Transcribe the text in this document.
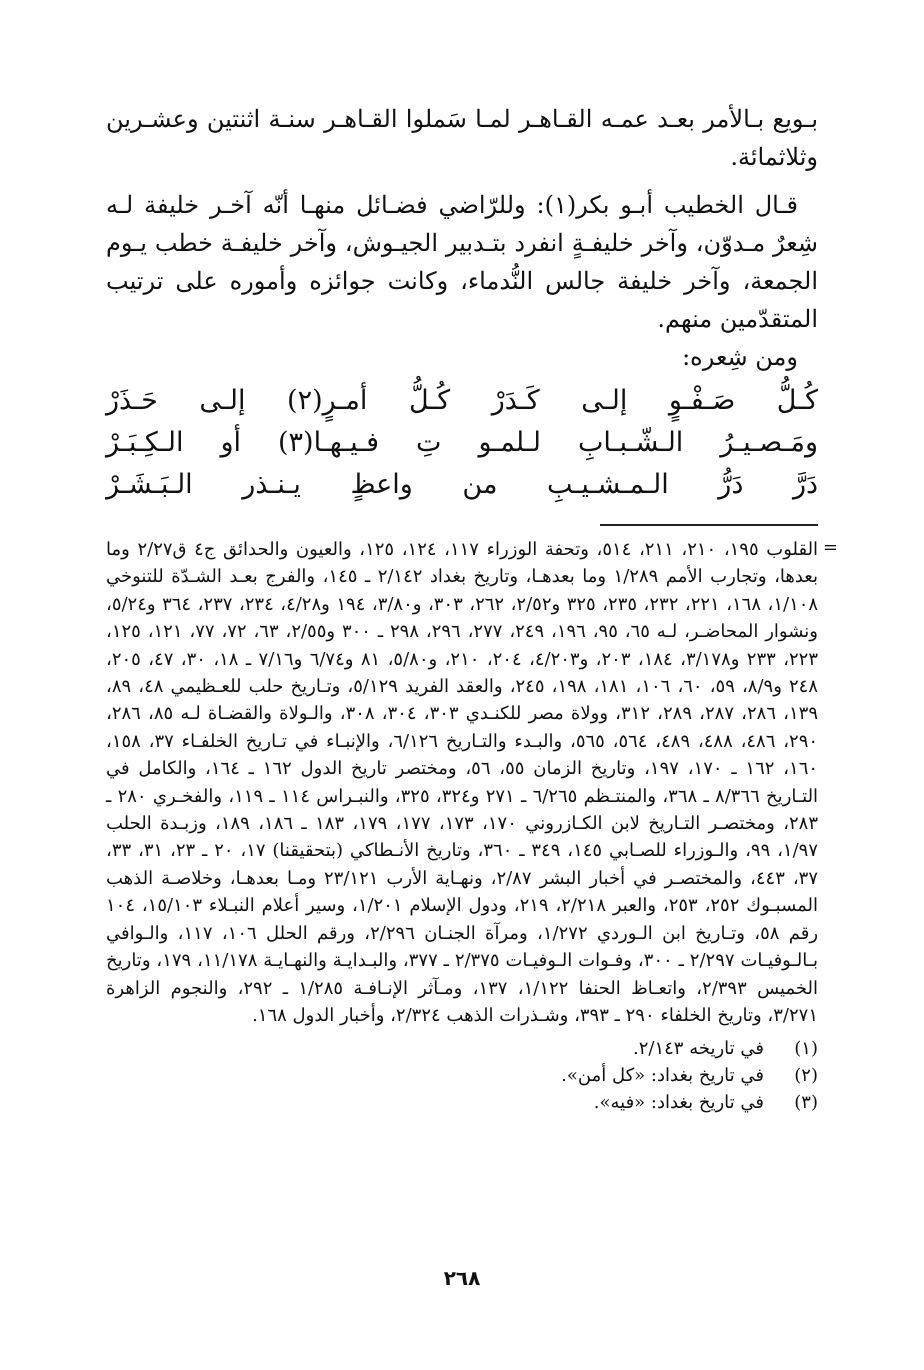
بـويع بـالأمر بعـد عمـه القـاهـر لمـا سَملوا القـاهـر سنـة اثنتين وعشـرين وثلاثمائة.

قـال الخطيب أبـو بكر(١): وللرّاضي فضـائل منهـا أنّه آخـر خليفة لـه شِعرٌ مـدوّن، وآخر خليفـةٍ انفرد بتـدبير الجيـوش، وآخر خليفـة خطب يـوم الجمعة، وآخر خليفة جالس النُّدماء، وكانت جوائزه وأموره على ترتيب المتقدّمين منهم.

ومن شِعره:

كُـلُّ
صَـفْـوٍ
إلـى
كَـدَرْ
كُـلُّ
أمـرٍ(٢)
إلـى
حَـذَرْ
ومَـصـيـرُ
الـشّـبـابِ
لـلمـو
تِ
فـيـهـا(٣)
أو
الـكِـبَـرْ
دَرَّ
دَرُّ
الـمـشـيـبِ
من
واعظٍ
يـنـذر
الـبَـشَـرْ
=
القلوب ١٩٥، ٢١٠، ٢١١، ٥١٤، وتحفة الوزراء ١١٧، ١٢٤، ١٢٥، والعيون والحدائق ج٤ ق٢/٢٧ وما بعدها، وتجارب الأمم ١/٢٨٩ وما بعدهـا، وتاريخ بغداد ٢/١٤٢ ـ ١٤٥، والفرج بعـد الشـدّة للتنوخي ١/١٠٨، ١٦٨، ٢٢١، ٢٣٢، ٢٣٥، ٣٢٥ و٢/٥٢، ٢٦٢، ٣٠٣، و٣/٨٠، ١٩٤ و٤/٢٨، ٢٣٤، ٢٣٧، ٣٦٤ و٥/٢٤، ونشوار المحاضـر، لـه ٦٥، ٩٥، ١٩٦، ٢٤٩، ٢٧٧، ٢٩٦، ٢٩٨ ـ ٣٠٠ و٢/٥٥، ٦٣، ٧٢، ٧٧، ١٢١، ١٢٥، ٢٢٣، ٢٣٣ و٣/١٧٨، ١٨٤، ٢٠٣، و٤/٢٠٣، ٢٠٤، ٢١٠، و٥/٨٠، ٨١ و٦/٧٤ و٧/١٦ ـ ١٨، ٣٠، ٤٧، ٢٠٥، ٢٤٨ و٨/٩، ٥٩، ٦٠، ١٠٦، ١٨١، ١٩٨، ٢٤٥، والعقد الفريد ٥/١٢٩، وتـاريخ حلب للعـظيمي ٤٨، ٨٩، ١٣٩، ٢٨٦، ٢٨٧، ٢٨٩، ٣١٢، وولاة مصر للكنـدي ٣٠٣، ٣٠٤، ٣٠٨، والـولاة والقضـاة لـه ٨٥، ٢٨٦، ٢٩٠، ٤٨٦، ٤٨٨، ٤٨٩، ٥٦٤، ٥٦٥، والبـدء والتـاريخ ٦/١٢٦، والإنبـاء في تـاريخ الخلفـاء ٣٧، ١٥٨، ١٦٠، ١٦٢ ـ ١٧٠، ١٩٧، وتاريخ الزمان ٥٥، ٥٦، ومختصر تاريخ الدول ١٦٢ ـ ١٦٤، والكامل في التـاريخ ٨/٣٦٦ ـ ٣٦٨، والمنتـظم ٦/٢٦٥ ـ ٢٧١ و٣٢٤، ٣٢٥، والنبـراس ١١٤ ـ ١١٩، والفخـري ٢٨٠ ـ ٢٨٣، ومختصـر التـاريخ لابن الكـازروني ١٧٠، ١٧٣، ١٧٧، ١٧٩، ١٨٣ ـ ١٨٦، ١٨٩، وزبـدة الحلب ١/٩٧، ٩٩، والـوزراء للصـابي ١٤٥، ٣٤٩ ـ ٣٦٠، وتاريخ الأنـطاكي (بتحقيقنا) ١٧، ٢٠ ـ ٢٣، ٣١، ٣٣، ٣٧، ٤٤٣، والمختصـر في أخبار البشر ٢/٨٧، ونهـاية الأرب ٢٣/١٢١ ومـا بعدهـا، وخلاصـة الذهب المسبـوك ٢٥٢، ٢٥٣، والعبر ٢/٢١٨، ٢١٩، ودول الإسلام ١/٢٠١، وسير أعلام النبـلاء ١٥/١٠٣، ١٠٤ رقم ٥٨، وتـاريخ ابن الـوردي ١/٢٧٢، ومرآة الجنـان ٢/٢٩٦، ورقم الحلل ١٠٦، ١١٧، والـوافي بـالـوفيـات ٢/٢٩٧ ـ ٣٠٠، وفـوات الـوفيـات ٢/٣٧٥ ـ ٣٧٧، والبـدايـة والنهـايـة ١١/١٧٨، ١٧٩، وتاريخ الخميس ٢/٣٩٣، واتعـاظ الحنفا ١/١٢٢، ١٣٧، ومـآثر الإنـافـة ١/٢٨٥ ـ ٢٩٢، والنجوم الزاهرة ٣/٢٧١، وتاريخ الخلفاء ٢٩٠ ـ ٣٩٣، وشـذرات الذهب ٢/٣٢٤، وأخبار الدول ١٦٨.
(١)
في تاريخه ٢/١٤٣.
(٢)
في تاريخ بغداد: «كل أمن».
(٣)
في تاريخ بغداد: «فيه».
٢٦٨
